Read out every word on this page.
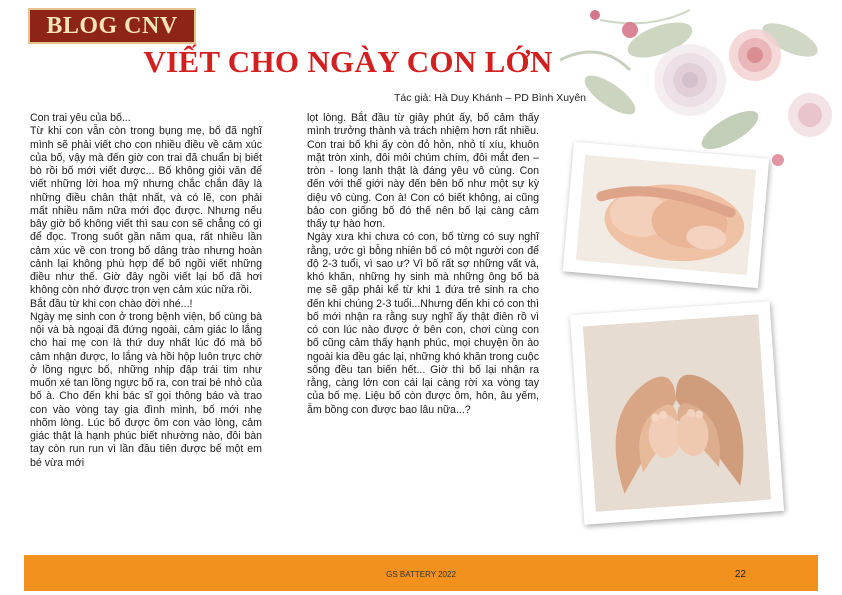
BLOG CNV
VIẾT CHO NGÀY CON LỚN
Tác giả: Hà Duy Khánh – PD Bình Xuyên

Con trai yêu của bố...

Từ khi con vẫn còn trong bụng mẹ, bố đã nghĩ mình sẽ phải viết cho con nhiều điều về cảm xúc của bố, vậy mà đến giờ con trai đã chuẩn bị biết bò rồi bố mới viết được... Bố không giỏi văn để viết những lời hoa mỹ nhưng chắc chắn đây là những điều chân thật nhất, và có lẽ, con phải mất nhiều năm nữa mới đọc được. Nhưng nếu bây giờ bố không viết thì sau con sẽ chẳng có gì để đọc. Trong suốt gần năm qua, rất nhiều lần cảm xúc về con trong bố dâng trào nhưng hoàn cảnh lại không phù hợp để bố ngồi viết những điều như thế. Giờ đây ngồi viết lại bố đã hơi không còn nhớ được trọn vẹn cảm xúc nữa rồi.

Bắt đầu từ khi con chào đời nhé...!

Ngày mẹ sinh con ở trong bệnh viện, bố cùng bà nội và bà ngoại đã đứng ngoài, cảm giác lo lắng cho hai mẹ con là thứ duy nhất lúc đó mà bố cảm nhận được, lo lắng và hồi hộp luôn trực chờ ở lồng ngực bố, những nhịp đập trái tim như muốn xé tan lồng ngực bố ra, con trai bé nhỏ của bố à. Cho đến khi bác sĩ gọi thông báo và trao con vào vòng tay gia đình mình, bố mới nhẹ nhõm lòng. Lúc bố được ôm con vào lòng, cảm giác thật là hạnh phúc biết nhường nào, đôi bàn tay còn run run vì lần đầu tiên được bế một em bé vừa mới

lọt lòng. Bắt đầu từ giây phút ấy, bố cảm thấy mình trưởng thành và trách nhiệm hơn rất nhiều. Con trai bố khi ấy còn đỏ hỏn, nhỏ tí xíu, khuôn mặt tròn xinh, đôi môi chúm chím, đôi mắt đen – tròn - long lanh thật là đáng yêu vô cùng. Con đến với thế giới này đến bên bố như một sự kỳ diệu vô cùng. Con à! Con có biết không, ai cũng bảo con giống bố đó thế nên bố lại càng cảm thấy tự hào hơn.

Ngày xưa khi chưa có con, bố từng có suy nghĩ rằng, ước gì bỗng nhiên bố có một người con để độ 2-3 tuổi, vì sao ư? Vì bố rất sợ những vất và, khó khăn, những hy sinh mà những ông bố bà mẹ sẽ gặp phải kể từ khi 1 đứa trẻ sinh ra cho đến khi chúng 2-3 tuổi...Nhưng đến khi có con thì bố mới nhận ra rằng suy nghĩ ấy thật điên rồ vì có con lúc nào được ở bên con, chơi cùng con bố cũng cảm thấy hạnh phúc, mọi chuyện ồn ào ngoài kia đều gác lại, những khó khăn trong cuộc sống đều tan biến hết... Giờ thì bố lại nhận ra rằng, càng lớn con cái lại càng rời xa vòng tay của bố mẹ. Liệu bố còn được ôm, hôn, âu yếm, ẵm bồng con được bao lâu nữa...?

GS BATTERY 2022	22
